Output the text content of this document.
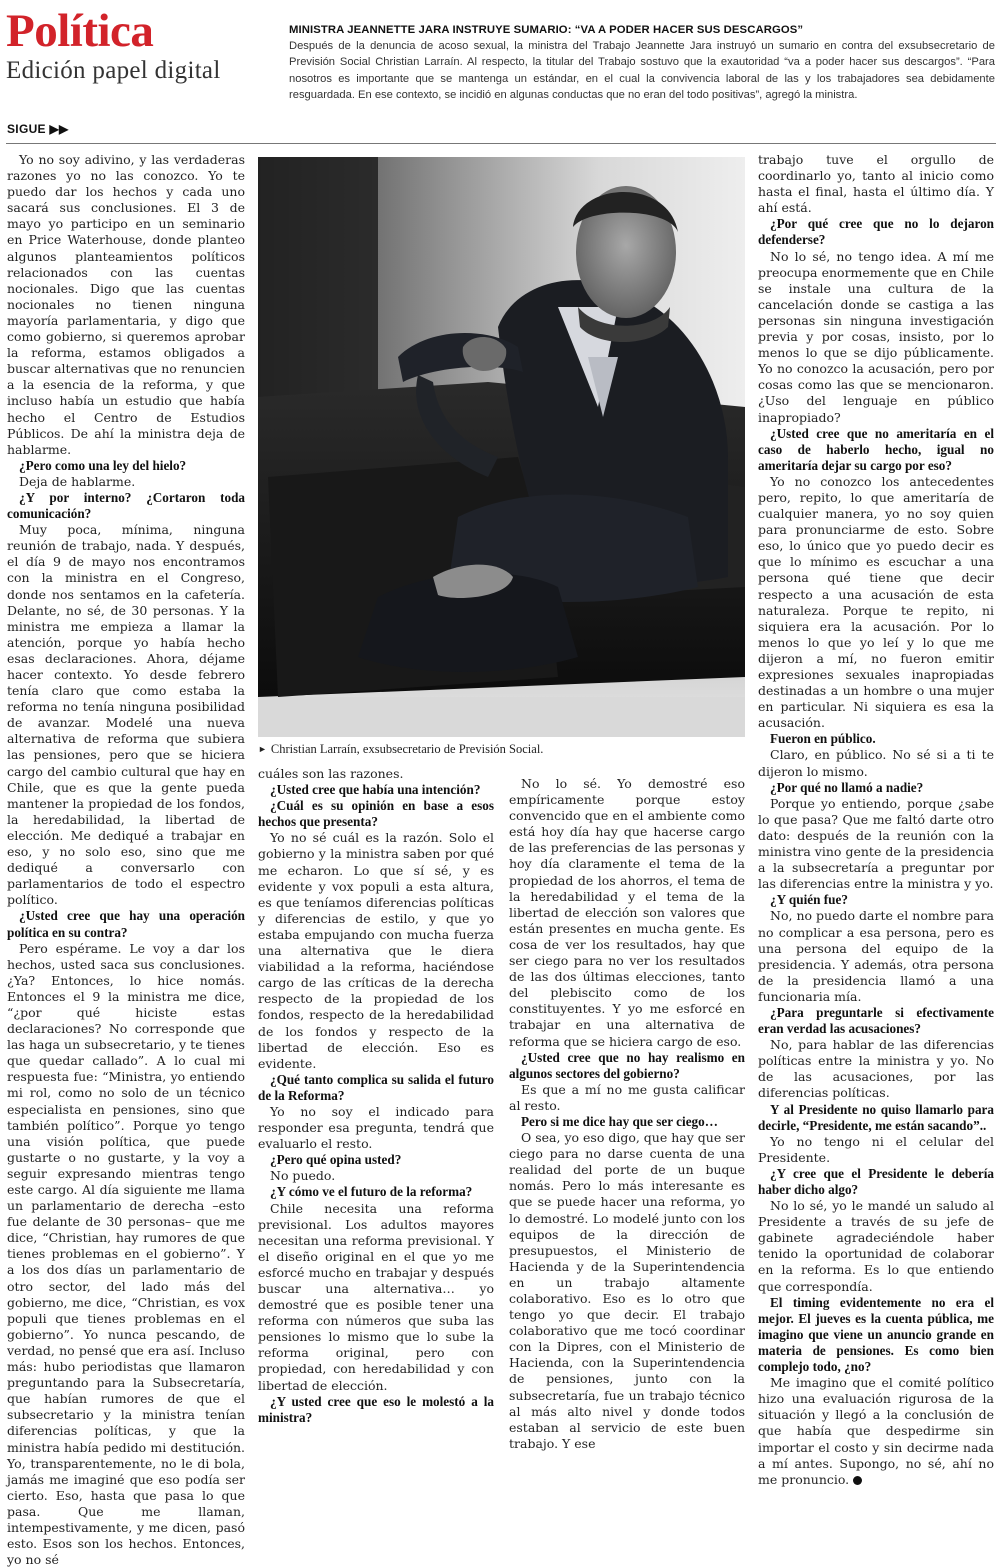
Política
Edición papel digital
MINISTRA JEANNETTE JARA INSTRUYE SUMARIO: “VA A PODER HACER SUS DESCARGOS”
Después de la denuncia de acoso sexual, la ministra del Trabajo Jeannette Jara instruyó un sumario en contra del exsubsecretario de Previsión Social Christian Larraín. Al respecto, la titular del Trabajo sostuvo que la exautoridad “va a poder hacer sus descargos”. “Para nosotros es importante que se mantenga un estándar, en el cual la convivencia laboral de las y los trabajadores sea debidamente resguardada. En ese contexto, se incidió en algunas conductas que no eran del todo positivas”, agregó la ministra.
SIGUE ▶▶

Yo no soy adivino, y las verdaderas razones yo no las conozco. Yo te puedo dar los hechos y cada uno sacará sus conclusiones. El 3 de mayo yo participo en un seminario en Price Waterhouse, donde planteo algunos planteamientos políticos relacionados con las cuentas nocionales. Digo que las cuentas nocionales no tienen ninguna mayoría parlamentaria, y digo que como gobierno, si queremos aprobar la reforma, estamos obligados a buscar alternativas que no renuncien a la esencia de la reforma, y que incluso había un estudio que había hecho el Centro de Estudios Públicos. De ahí la ministra deja de hablarme.

¿Pero como una ley del hielo?

Deja de hablarme.

¿Y por interno? ¿Cortaron toda comunicación?

Muy poca, mínima, ninguna reunión de trabajo, nada. Y después, el día 9 de mayo nos encontramos con la ministra en el Congreso, donde nos sentamos en la cafetería. Delante, no sé, de 30 personas. Y la ministra me empieza a llamar la atención, porque yo había hecho esas declaraciones. Ahora, déjame hacer contexto. Yo desde febrero tenía claro que como estaba la reforma no tenía ninguna posibilidad de avanzar. Modelé una nueva alternativa de reforma que subiera las pensiones, pero que se hiciera cargo del cambio cultural que hay en Chile, que es que la gente pueda mantener la propiedad de los fondos, la heredabilidad, la libertad de elección. Me dediqué a trabajar en eso, y no solo eso, sino que me dediqué a conversarlo con parlamentarios de todo el espectro político.

¿Usted cree que hay una operación política en su contra?

Pero espérame. Le voy a dar los hechos, usted saca sus conclusiones. ¿Ya? Entonces, lo hice nomás. Entonces el 9 la ministra me dice, “¿por qué hiciste estas declaraciones? No corresponde que las haga un subsecretario, y te tienes que quedar callado”. A lo cual mi respuesta fue: “Ministra, yo entiendo mi rol, como no solo de un técnico especialista en pensiones, sino que también político”. Porque yo tengo una visión política, que puede gustarte o no gustarte, y la voy a seguir expresando mientras tengo este cargo. Al día siguiente me llama un parlamentario de derecha –esto fue delante de 30 personas– que me dice, “Christian, hay rumores de que tienes problemas en el gobierno”. Y a los dos días un parlamentario de otro sector, del lado más del gobierno, me dice, “Christian, es vox populi que tienes problemas en el gobierno”. Yo nunca pescando, de verdad, no pensé que era así. Incluso más: hubo periodistas que llamaron preguntando para la Subsecretaría, que habían rumores de que el subsecretario y la ministra tenían diferencias políticas, y que la ministra había pedido mi destitución. Yo, transparentemente, no le di bola, jamás me imaginé que eso podía ser cierto. Eso, hasta que pasa lo que pasa. Que me llaman, intempestivamente, y me dicen, pasó esto. Esos son los hechos. Entonces, yo no sé

cuáles son las razones.

¿Usted cree que había una intención?

¿Cuál es su opinión en base a esos hechos que presenta?

Yo no sé cuál es la razón. Solo el gobierno y la ministra saben por qué me echaron. Lo que sí sé, y es evidente y vox populi a esta altura, es que teníamos diferencias políticas y diferencias de estilo, y que yo estaba empujando con mucha fuerza una alternativa que le diera viabilidad a la reforma, haciéndose cargo de las críticas de la derecha respecto de la propiedad de los fondos, respecto de la heredabilidad de los fondos y respecto de la libertad de elección. Eso es evidente.

¿Qué tanto complica su salida el futuro de la Reforma?

Yo no soy el indicado para responder esa pregunta, tendrá que evaluarlo el resto.

¿Pero qué opina usted?

No puedo.

¿Y cómo ve el futuro de la reforma?

Chile necesita una reforma previsional. Los adultos mayores necesitan una reforma previsional. Y el diseño original en el que yo me esforcé mucho en trabajar y después buscar una alternativa… yo demostré que es posible tener una reforma con números que suba las pensiones lo mismo que lo sube la reforma original, pero con propiedad, con heredabilidad y con libertad de elección.

¿Y usted cree que eso le molestó a la ministra?

No lo sé. Yo demostré eso empíricamente porque estoy convencido que en el ambiente como está hoy día hay que hacerse cargo de las preferencias de las personas y hoy día claramente el tema de la propiedad de los ahorros, el tema de la heredabilidad y el tema de la libertad de elección son valores que están presentes en mucha gente. Es cosa de ver los resultados, hay que ser ciego para no ver los resultados de las dos últimas elecciones, tanto del plebiscito como de los constituyentes. Y yo me esforcé en trabajar en una alternativa de reforma que se hiciera cargo de eso.

¿Usted cree que no hay realismo en algunos sectores del gobierno?

Es que a mí no me gusta calificar al resto.

Pero si me dice hay que ser ciego…

O sea, yo eso digo, que hay que ser ciego para no darse cuenta de una realidad del porte de un buque nomás. Pero lo más interesante es que se puede hacer una reforma, yo lo demostré. Lo modelé junto con los equipos de la dirección de presupuestos, el Ministerio de Hacienda y de la Superintendencia en un trabajo altamente colaborativo. Eso es lo otro que tengo yo que decir. El trabajo colaborativo que me tocó coordinar con la Dipres, con el Ministerio de Hacienda, con la Superintendencia de pensiones, junto con la subsecretaría, fue un trabajo técnico al más alto nivel y donde todos estaban al servicio de este buen trabajo. Y ese

trabajo tuve el orgullo de coordinarlo yo, tanto al inicio como hasta el final, hasta el último día. Y ahí está.

¿Por qué cree que no lo dejaron defenderse?

No lo sé, no tengo idea. A mí me preocupa enormemente que en Chile se instale una cultura de la cancelación donde se castiga a las personas sin ninguna investigación previa y por cosas, insisto, por lo menos lo que se dijo públicamente. Yo no conozco la acusación, pero por cosas como las que se mencionaron. ¿Uso del lenguaje en público inapropiado?

¿Usted cree que no ameritaría en el caso de haberlo hecho, igual no ameritaría dejar su cargo por eso?

Yo no conozco los antecedentes pero, repito, lo que ameritaría de cualquier manera, yo no soy quien para pronunciarme de esto. Sobre eso, lo único que yo puedo decir es que lo mínimo es escuchar a una persona qué tiene que decir respecto a una acusación de esta naturaleza. Porque te repito, ni siquiera era la acusación. Por lo menos lo que yo leí y lo que me dijeron a mí, no fueron emitir expresiones sexuales inapropiadas destinadas a un hombre o una mujer en particular. Ni siquiera es esa la acusación.

Fueron en público.

Claro, en público. No sé si a ti te dijeron lo mismo.

¿Por qué no llamó a nadie?

Porque yo entiendo, porque ¿sabe lo que pasa? Que me faltó darte otro dato: después de la reunión con la ministra vino gente de la presidencia a la subsecretaría a preguntar por las diferencias entre la ministra y yo.

¿Y quién fue?

No, no puedo darte el nombre para no complicar a esa persona, pero es una persona del equipo de la presidencia. Y además, otra persona de la presidencia llamó a una funcionaria mía.

¿Para preguntarle si efectivamente eran verdad las acusaciones?

No, para hablar de las diferencias políticas entre la ministra y yo. No de las acusaciones, por las diferencias políticas.

Y al Presidente no quiso llamarlo para decirle, “Presidente, me están sacando”..

Yo no tengo ni el celular del Presidente.

¿Y cree que el Presidente le debería haber dicho algo?

No lo sé, yo le mandé un saludo al Presidente a través de su jefe de gabinete agradeciéndole haber tenido la oportunidad de colaborar en la reforma. Es lo que entiendo que correspondía.

El timing evidentemente no era el mejor. El jueves es la cuenta pública, me imagino que viene un anuncio grande en materia de pensiones. Es como bien complejo todo, ¿no?

Me imagino que el comité político hizo una evaluación rigurosa de la situación y llegó a la conclusión de que había que despedirme sin importar el costo y sin decirme nada a mí antes. Supongo, no sé, ahí no me pronuncio.

► Christian Larraín, exsubsecretario de Previsión Social.
